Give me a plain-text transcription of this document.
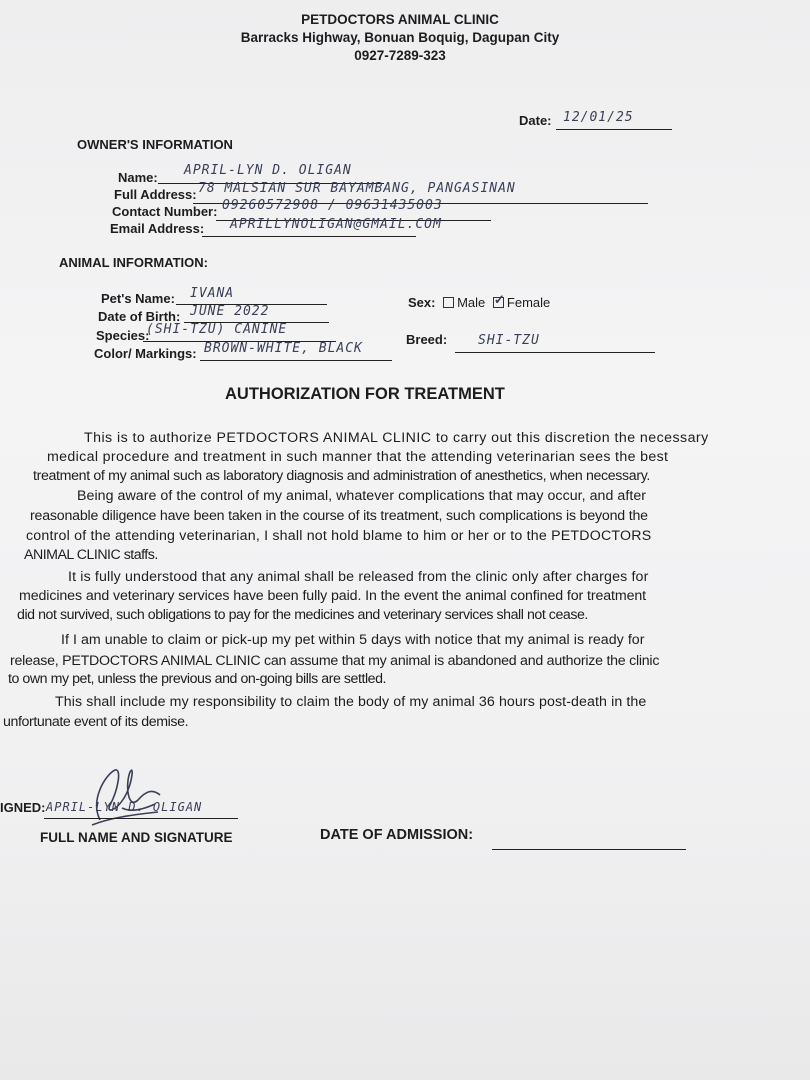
PETDOCTORS ANIMAL CLINIC
Barracks Highway, Bonuan Boquig, Dagupan City
0927-7289-323
Date: 12/01/25
OWNER'S INFORMATION
Name: APRIL-LYN D. OLIGAN
Full Address: 78 MALSIAN SUR BAYAMBANG, PANGASINAN
Contact Number: 09260572908 / 09631435003
Email Address: APRILLYNOLIGAN@GMAIL.COM
ANIMAL INFORMATION:
Pet's Name: IVANA
Date of Birth: JUNE 2022
Species:
(SHI-TZU) CANINE
Color/ Markings: BROWN-WHITE, BLACK
Sex: Male ✓ Female
Breed: SHI-TZU
AUTHORIZATION FOR TREATMENT
This is to authorize PETDOCTORS ANIMAL CLINIC to carry out this discretion the necessary
medical procedure and treatment in such manner that the attending veterinarian sees the best
treatment of my animal such as laboratory diagnosis and administration of anesthetics, when necessary.
Being aware of the control of my animal, whatever complications that may occur, and after
reasonable diligence have been taken in the course of its treatment, such complications is beyond the
control of the attending veterinarian, I shall not hold blame to him or her or to the PETDOCTORS
ANIMAL CLINIC staffs.
It is fully understood that any animal shall be released from the clinic only after charges for
medicines and veterinary services have been fully paid. In the event the animal confined for treatment
did not survived, such obligations to pay for the medicines and veterinary services shall not cease.
If I am unable to claim or pick-up my pet within 5 days with notice that my animal is ready for
release, PETDOCTORS ANIMAL CLINIC can assume that my animal is abandoned and authorize the clinic
to own my pet, unless the previous and on-going bills are settled.
This shall include my responsibility to claim the body of my animal 36 hours post-death in the
unfortunate event of its demise.
IGNED: APRIL-LYN D. OLIGAN
FULL NAME AND SIGNATURE	DATE OF ADMISSION:
